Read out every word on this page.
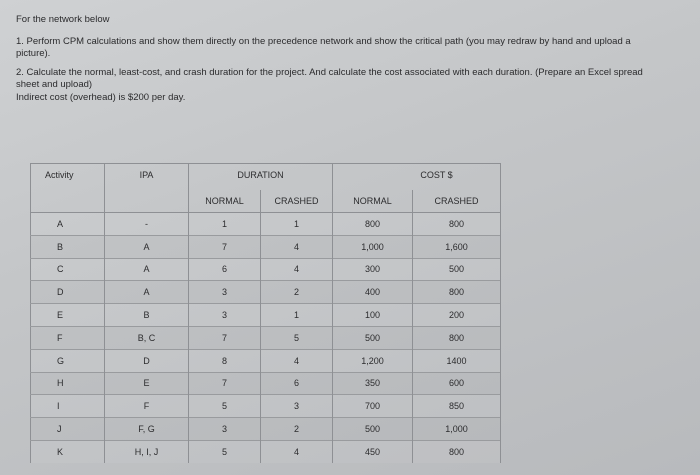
For the network below

1. Perform CPM calculations and show them directly on the precedence network and show the critical path (you may redraw by hand and upload a picture).

2. Calculate the normal, least-cost, and crash duration for the project. And calculate the cost associated with each duration. (Prepare an Excel spread sheet and upload)

Indirect cost (overhead) is $200 per day.

Activity	IPA	DURATION		COST $	
		NORMAL	CRASHED	NORMAL	CRASHED
A	-	1	1	800	800
B	A	7	4	1,000	1,600
C	A	6	4	300	500
D	A	3	2	400	800
E	B	3	1	100	200
F	B, C	7	5	500	800
G	D	8	4	1,200	1400
H	E	7	6	350	600
I	F	5	3	700	850
J	F, G	3	2	500	1,000
K	H, I, J	5	4	450	800
